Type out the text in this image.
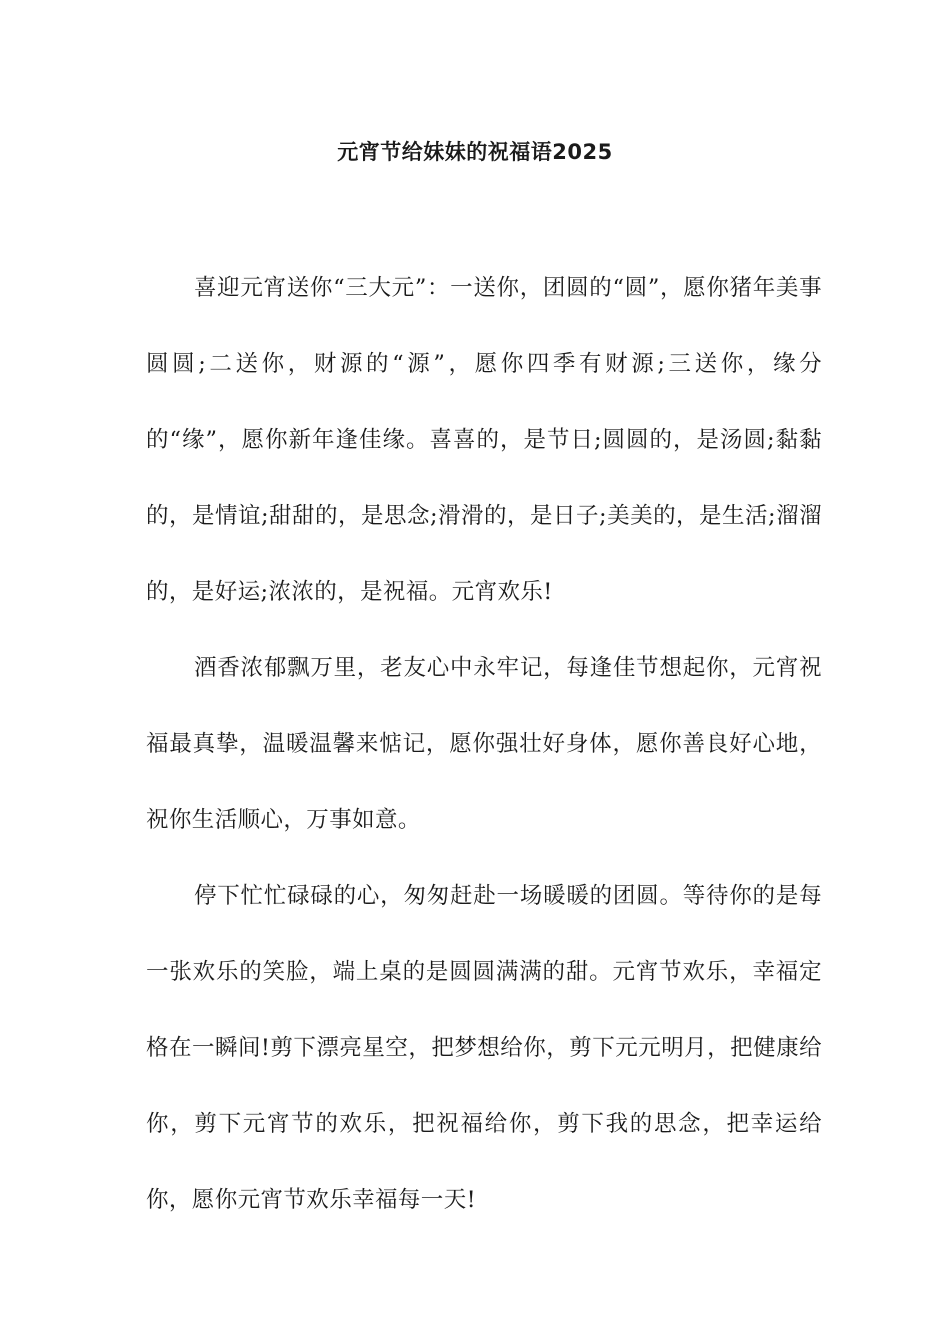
元宵节给妹妹的祝福语2025

喜迎元宵送你“三大元”：一送你，团圆的“圆”，愿你猪年美事圆圆;二送你，财源的“源”，愿你四季有财源;三送你，缘分的“缘”，愿你新年逢佳缘。喜喜的，是节日;圆圆的，是汤圆;黏黏的，是情谊;甜甜的，是思念;滑滑的，是日子;美美的，是生活;溜溜的，是好运;浓浓的，是祝福。元宵欢乐!

酒香浓郁飘万里，老友心中永牢记，每逢佳节想起你，元宵祝福最真挚，温暖温馨来惦记，愿你强壮好身体，愿你善良好心地，祝你生活顺心，万事如意。

停下忙忙碌碌的心，匆匆赶赴一场暖暖的团圆。等待你的是每一张欢乐的笑脸，端上桌的是圆圆满满的甜。元宵节欢乐，幸福定格在一瞬间!剪下漂亮星空，把梦想给你，剪下元元明月，把健康给你，剪下元宵节的欢乐，把祝福给你，剪下我的思念，把幸运给你，愿你元宵节欢乐幸福每一天!
